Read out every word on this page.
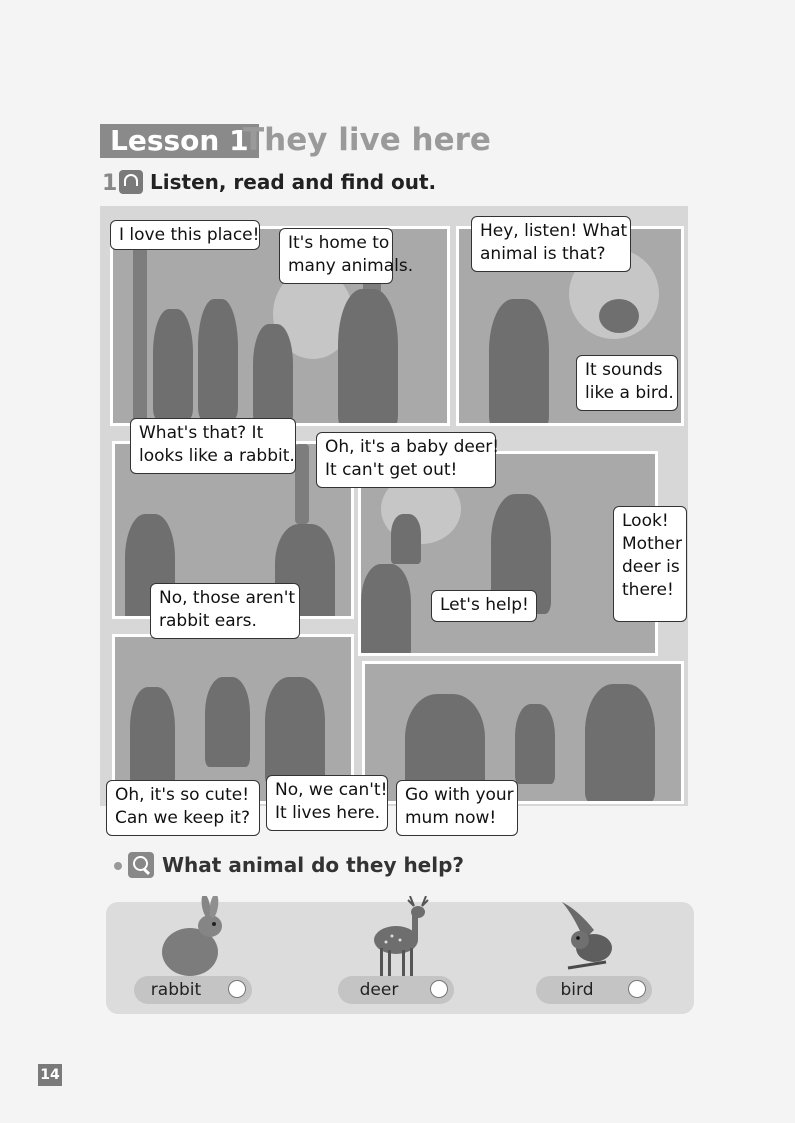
Lesson 1
They live here
1 Listen, read and find out.
I love this place! It's home to
many animals.
Hey, listen! What
animal is that?
It sounds
like a bird.
What's that? It
looks like a rabbit. Oh, it's a baby deer!
It can't get out!
Look!
Mother
deer is
there!
No, those aren't
rabbit ears.
Let's help!
Oh, it's so cute!
Can we keep it?
No, we can't!
It lives here.
Go with your
mum now!
What animal do they help?
rabbit	deer	bird
14
